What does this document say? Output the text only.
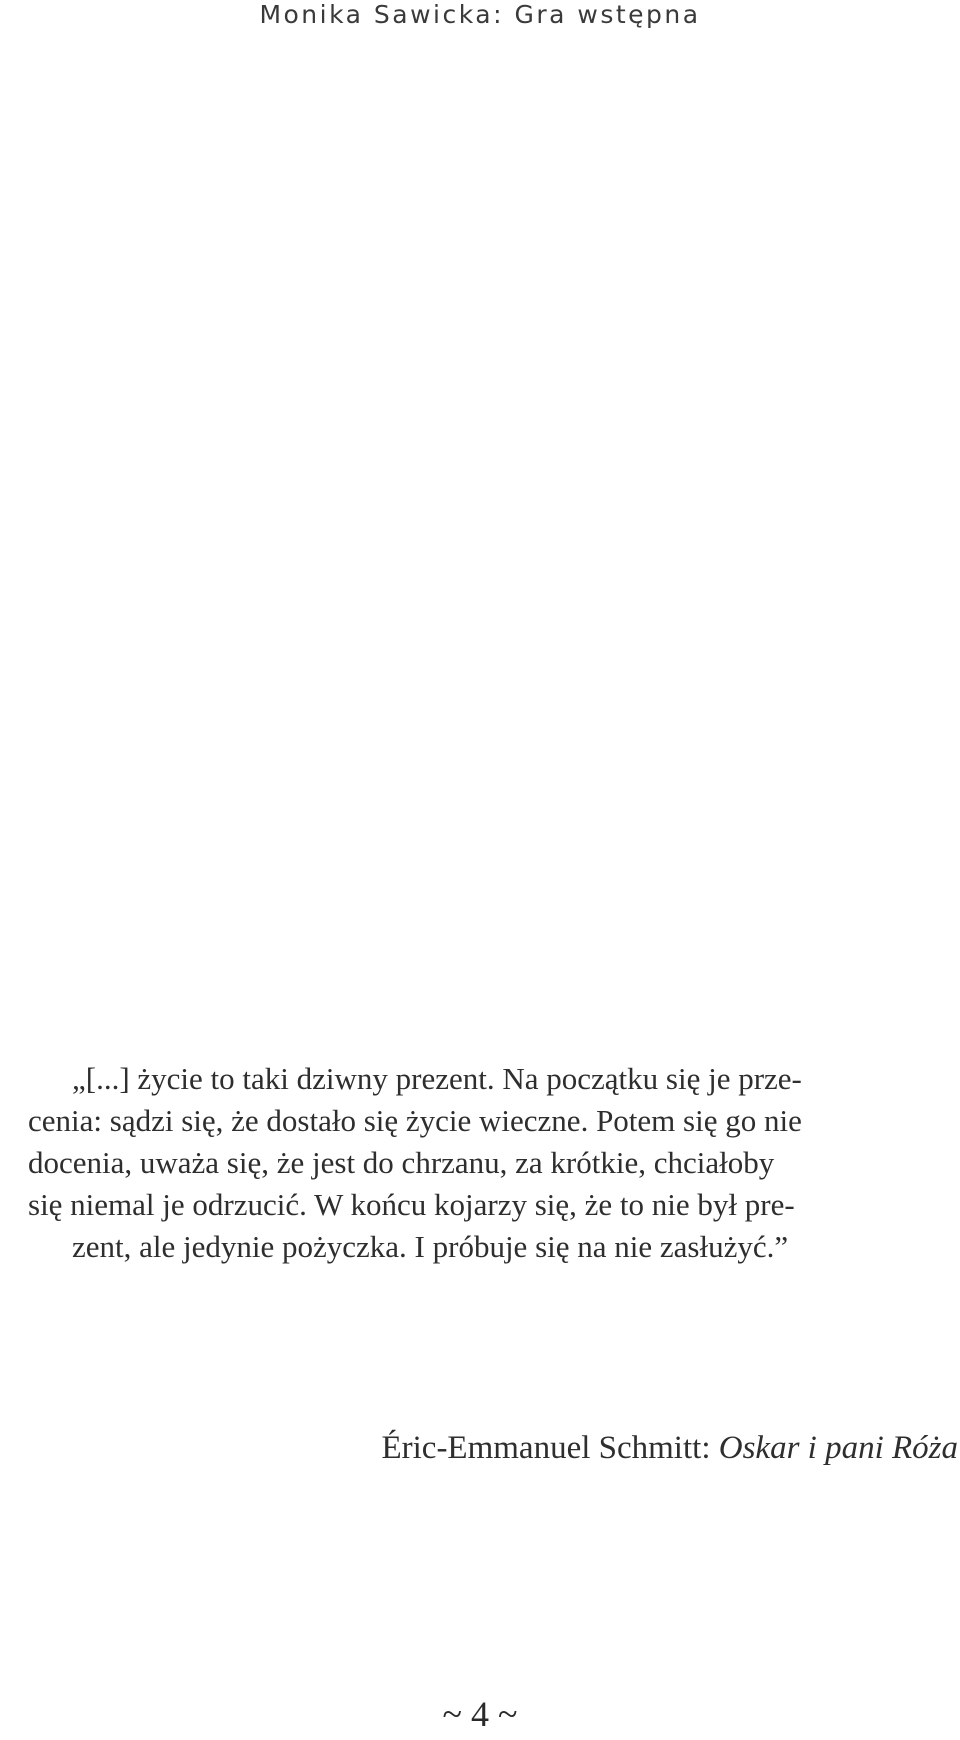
Monika Sawicka: Gra wstępna
„[...] życie to taki dziwny prezent. Na początku się je prze-
cenia: sądzi się, że dostało się życie wieczne. Potem się go nie
docenia, uważa się, że jest do chrzanu, za krótkie, chciałoby
się niemal je odrzucić. W końcu kojarzy się, że to nie był pre-
zent, ale jedynie pożyczka. I próbuje się na nie zasłużyć.”
Éric-Emmanuel Schmitt: Oskar i pani Róża
~ 4 ~
